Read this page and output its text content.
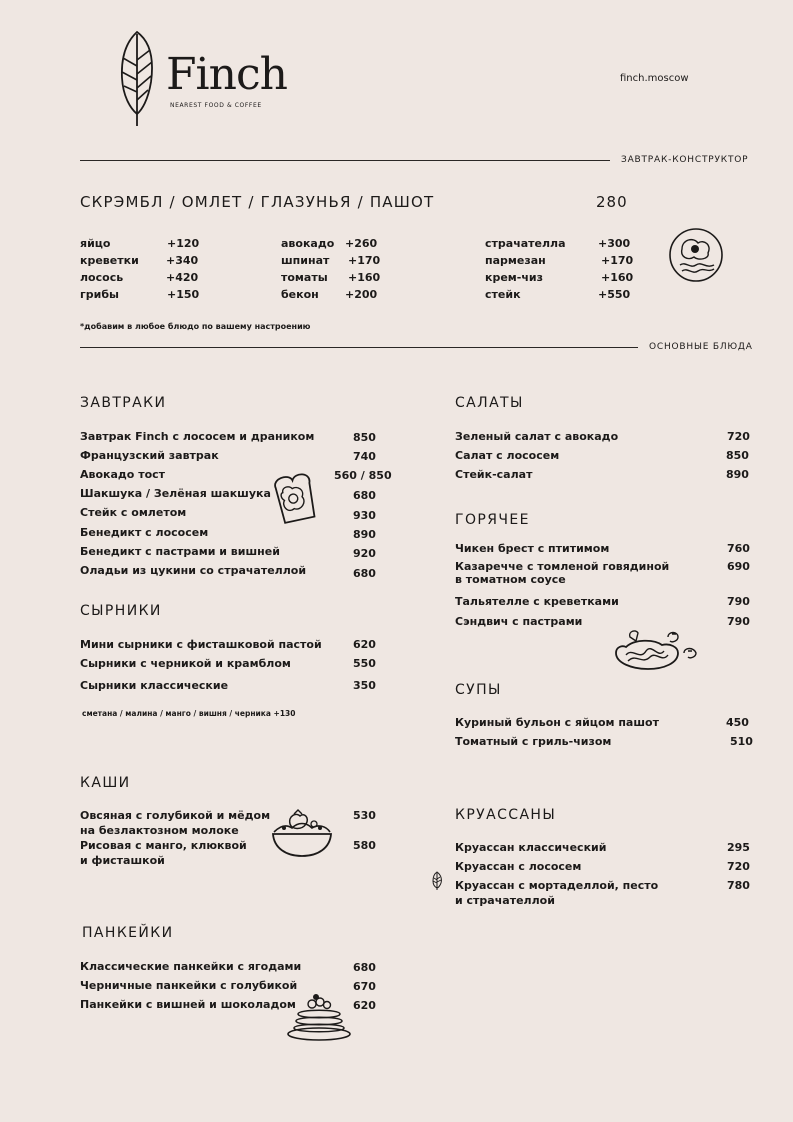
Finch
NEAREST FOOD & COFFEE
finch.moscow
ЗАВТРАК-КОНСТРУКТОР
СКРЭМБЛ / ОМЛЕТ / ГЛАЗУНЬЯ / ПАШОТ	280
яйцо	+120
креветки +340
лосось	+420
грибы	+150
авокадо +260
шпинат +170
томаты +160
бекон +200
страчателла	+300
пармезан	+170
крем-чиз	+160
стейк	+550
*добавим в любое блюдо по вашему настроению
ОСНОВНЫЕ БЛЮДА
ЗАВТРАКИ
Завтрак Finch с лососем и драником	850
Французский завтрак	740
Авокадо тост	560 / 850
Шакшука / Зелёная шакшука	680
Стейк с омлетом	930
Бенедикт с лососем	890
Бенедикт с пастрами и вишней	920
Оладьи из цукини со страчателлой	680
СЫРНИКИ
Мини сырники с фисташковой пастой	620
Сырники с черникой и крамблом	550
Сырники классические	350
сметана / малина / манго / вишня / черника +130
КАШИ
Овсяная с голубикой и мёдом
на безлактозном молоке
530
Рисовая с манго, клюквой
и фисташкой
580
ПАНКЕЙКИ
Классические панкейки с ягодами	680
Черничные панкейки с голубикой	670
Панкейки с вишней и шоколадом	620
САЛАТЫ
Зеленый салат с авокадо	720
Салат с лососем	850
Стейк-салат	890
ГОРЯЧЕЕ
Чикен брест с птитимом	760
Казаречче с томленой говядиной
в томатном соусе
690
Тальятелле с креветками	790
Сэндвич с пастрами	790
СУПЫ
Куриный бульон с яйцом пашот	450
Томатный с гриль-чизом	510
КРУАССАНЫ
Круассан классический	295
Круассан с лососем	720
Круассан с мортаделлой, песто
и страчателлой
780
